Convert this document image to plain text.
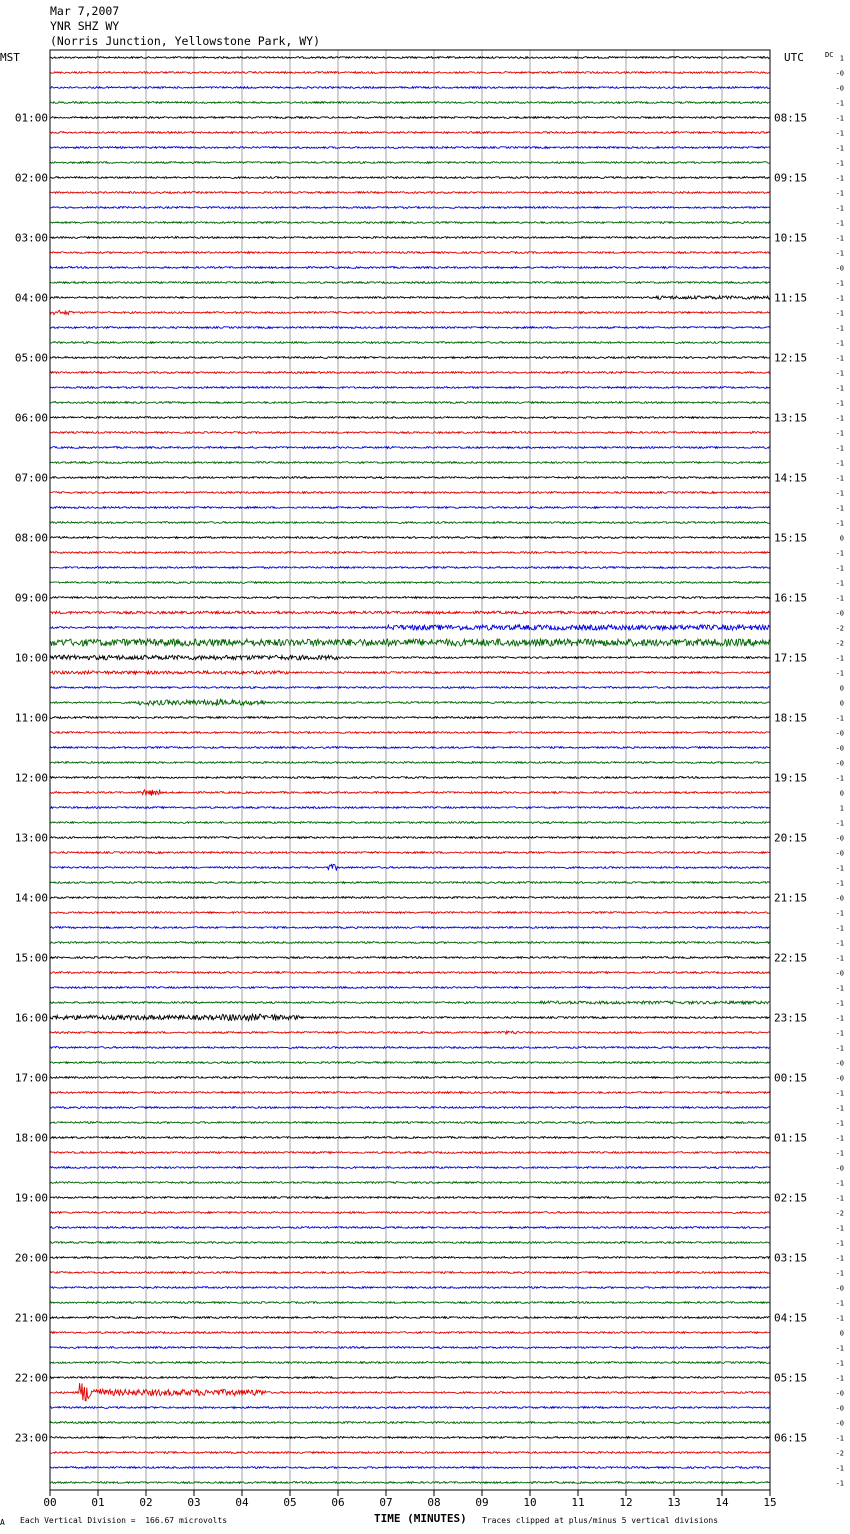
Mar 7,2007
YNR SHZ WY
(Norris Junction, Yellowstone Park, WY)
00	01	02	03	04	05	06	07	08	09	10	11	12	13	14	15
01:00
02:00
03:00
04:00
05:00
06:00
07:00
08:00
09:00
10:00
11:00
12:00
13:00
14:00
15:00
16:00
17:00
18:00
19:00
20:00
21:00
22:00
23:00
08:15
09:15
10:15
11:15
12:15
13:15
14:15
15:15
16:15
17:15
18:15
19:15
20:15
21:15
22:15
23:15
00:15
01:15
02:15
03:15
04:15
05:15
06:15
1
-0
-0
-1
-1
-1
-1
-1
-1
-1
-1
-1
-1
-1
-0
-1
-1
-1
-1
-1
-1
-1
-1
-1
-1
-1
-1
-1
-1
-1
-1
-1
0
-1
-1
-1
-1
-0
-2
-2
-1
-1
0
0
-1
-0
-0
-0
-1
0
1
-1
-0
-0
-1
-1
-0
-1
-1
-1
-1
-0
-1
-1
-1
-1
-1
-0
-0
-1
-1
-1
-1
-1
-0
-1
-1
-2
-1
-1
-1
-1
-0
-1
-1
0
-1
-1
-1
-0
-0
-0
-1
-2
-1
-1
MST	UTC	DC
A Each Vertical Division =  166.67 microvolts	TIME (MINUTES) Traces clipped at plus/minus 5 vertical divisions
